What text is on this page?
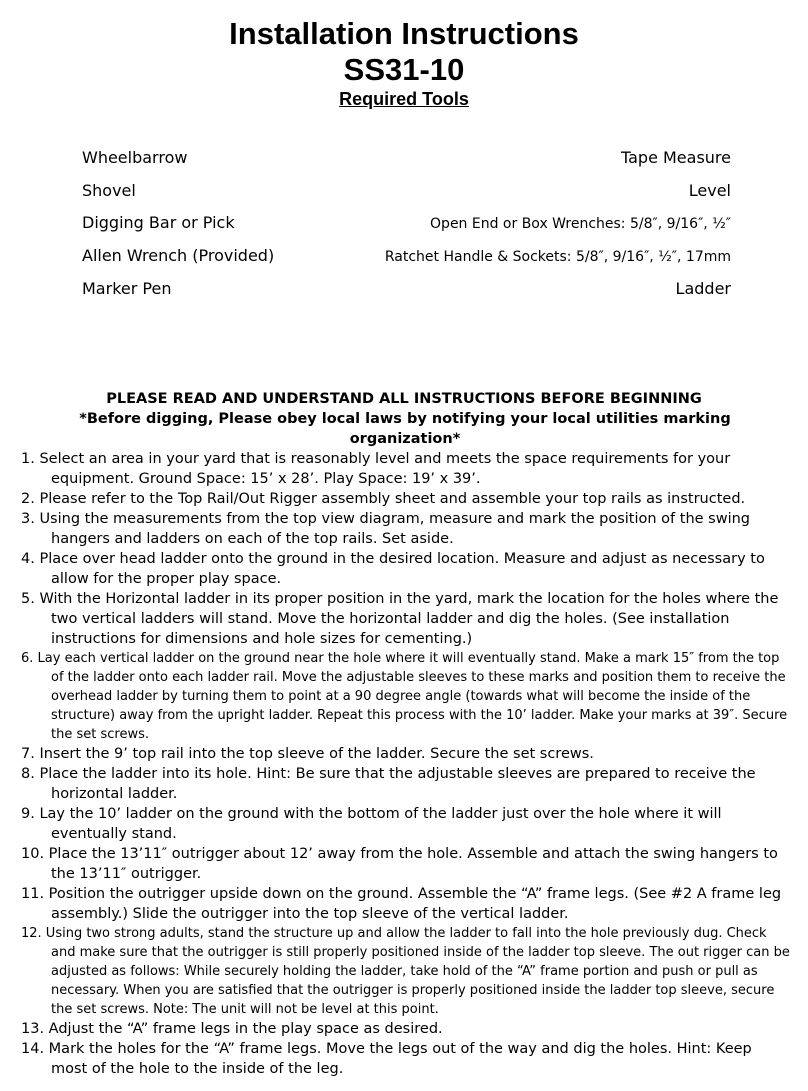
Installation Instructions
SS31-10
Required Tools
Wheelbarrow
Shovel
Digging Bar or Pick
Allen Wrench (Provided)
Marker Pen
Tape Measure
Level
Open End or Box Wrenches: 5/8″, 9/16″, ½″
Ratchet Handle & Sockets: 5/8″, 9/16″, ½″, 17mm
Ladder
PLEASE READ AND UNDERSTAND ALL INSTRUCTIONS BEFORE BEGINNING
*Before digging, Please obey local laws by notifying your local utilities marking organization*
1. Select an area in your yard that is reasonably level and meets the space requirements for your equipment. Ground Space: 15’ x 28’. Play Space: 19’ x 39’.
2. Please refer to the Top Rail/Out Rigger assembly sheet and assemble your top rails as instructed.
3. Using the measurements from the top view diagram, measure and mark the position of the swing hangers and ladders on each of the top rails. Set aside.
4. Place over head ladder onto the ground in the desired location. Measure and adjust as necessary to allow for the proper play space.
5. With the Horizontal ladder in its proper position in the yard, mark the location for the holes where the two vertical ladders will stand. Move the horizontal ladder and dig the holes. (See installation instructions for dimensions and hole sizes for cementing.)
6. Lay each vertical ladder on the ground near the hole where it will eventually stand. Make a mark 15″ from the top of the ladder onto each ladder rail. Move the adjustable sleeves to these marks and position them to receive the overhead ladder by turning them to point at a 90 degree angle (towards what will become the inside of the structure) away from the upright ladder. Repeat this process with the 10’ ladder. Make your marks at 39″. Secure the set screws.
7. Insert the 9’ top rail into the top sleeve of the ladder. Secure the set screws.
8. Place the ladder into its hole. Hint: Be sure that the adjustable sleeves are prepared to receive the horizontal ladder.
9. Lay the 10’ ladder on the ground with the bottom of the ladder just over the hole where it will eventually stand.
10. Place the 13’11″ outrigger about 12’ away from the hole. Assemble and attach the swing hangers to the 13’11″ outrigger.
11. Position the outrigger upside down on the ground. Assemble the “A” frame legs. (See #2 A frame leg assembly.) Slide the outrigger into the top sleeve of the vertical ladder.
12. Using two strong adults, stand the structure up and allow the ladder to fall into the hole previously dug. Check and make sure that the outrigger is still properly positioned inside of the ladder top sleeve. The out rigger can be adjusted as follows: While securely holding the ladder, take hold of the “A” frame portion and push or pull as necessary. When you are satisfied that the outrigger is properly positioned inside the ladder top sleeve, secure the set screws. Note: The unit will not be level at this point.
13. Adjust the “A” frame legs in the play space as desired.
14. Mark the holes for the “A” frame legs. Move the legs out of the way and dig the holes. Hint: Keep most of the hole to the inside of the leg.
